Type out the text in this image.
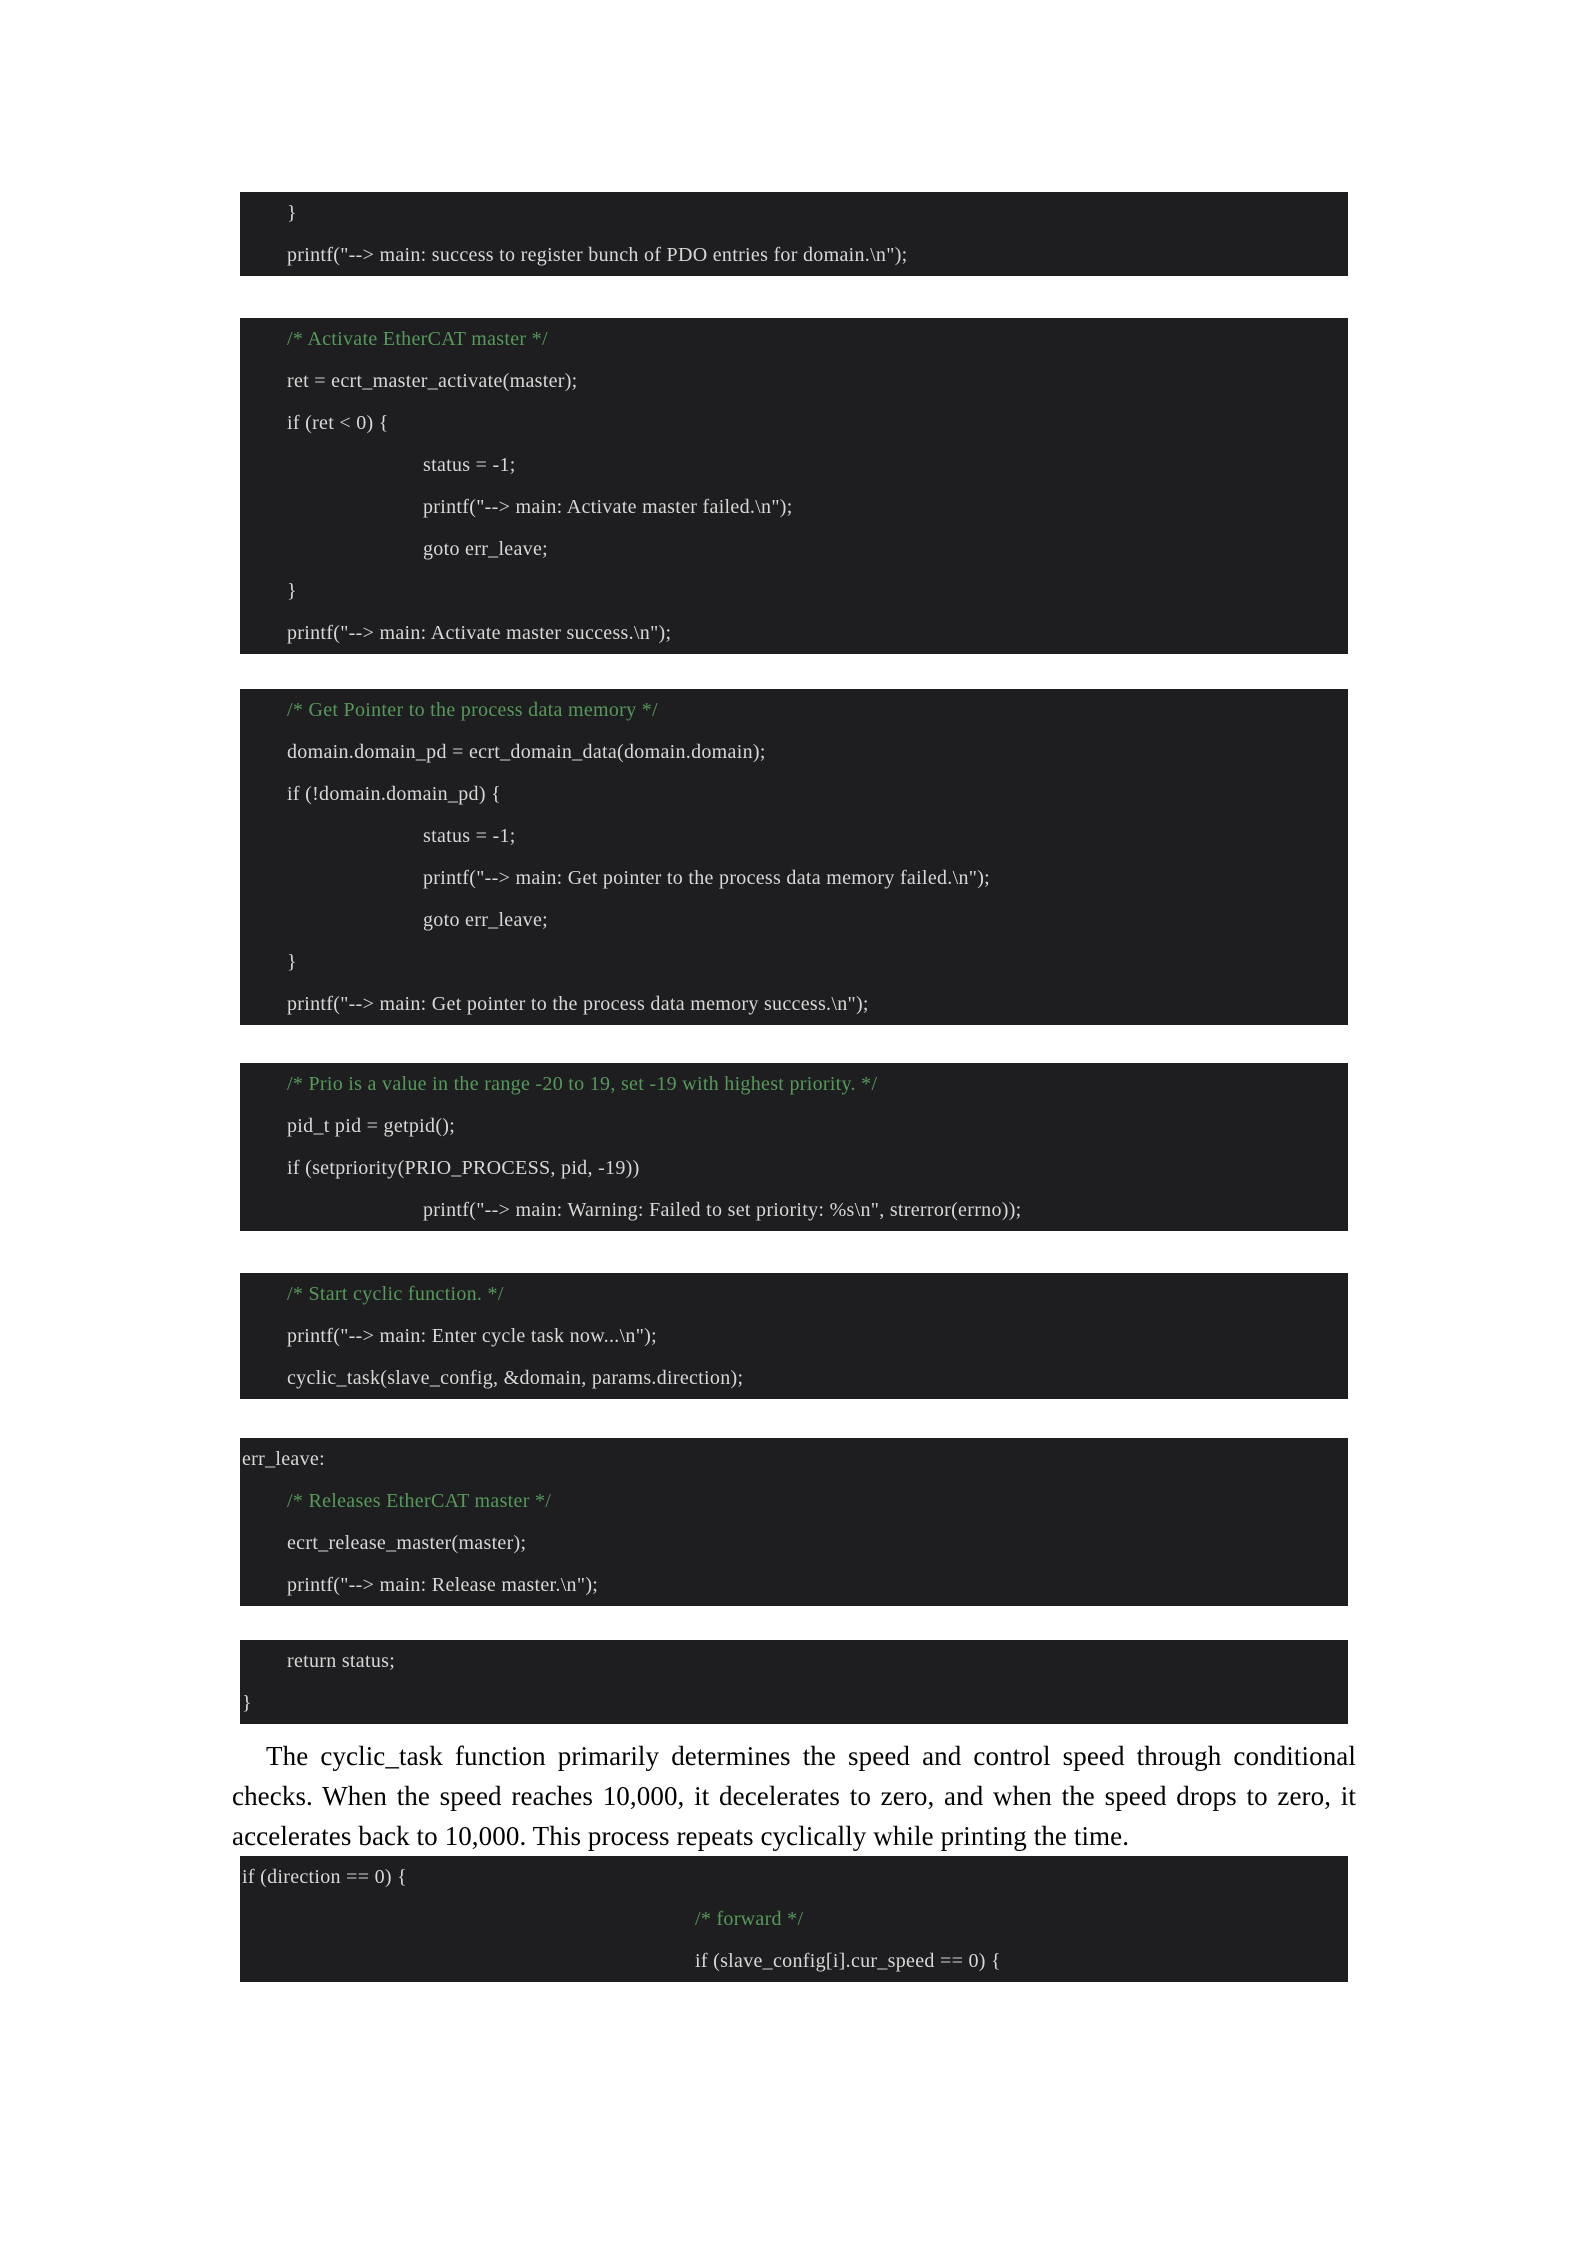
}
printf("--> main: success to register bunch of PDO entries for domain.\n");
/* Activate EtherCAT master */
ret = ecrt_master_activate(master);
if (ret < 0) {
status = -1;
printf("--> main: Activate master failed.\n");
goto err_leave;
}
printf("--> main: Activate master success.\n");
/* Get Pointer to the process data memory */
domain.domain_pd = ecrt_domain_data(domain.domain);
if (!domain.domain_pd) {
status = -1;
printf("--> main: Get pointer to the process data memory failed.\n");
goto err_leave;
}
printf("--> main: Get pointer to the process data memory success.\n");
/* Prio is a value in the range -20 to 19, set -19 with highest priority. */
pid_t pid = getpid();
if (setpriority(PRIO_PROCESS, pid, -19))
printf("--> main: Warning: Failed to set priority: %s\n", strerror(errno));
/* Start cyclic function. */
printf("--> main: Enter cycle task now...\n");
cyclic_task(slave_config, &domain, params.direction);
err_leave:
/* Releases EtherCAT master */
ecrt_release_master(master);
printf("--> main: Release master.\n");
return status;
}

The cyclic_task function primarily determines the speed and control speed through conditional checks. When the speed reaches 10,000, it decelerates to zero, and when the speed drops to zero, it accelerates back to 10,000. This process repeats cyclically while printing the time.

if (direction == 0) {
/* forward */
if (slave_config[i].cur_speed == 0) {
